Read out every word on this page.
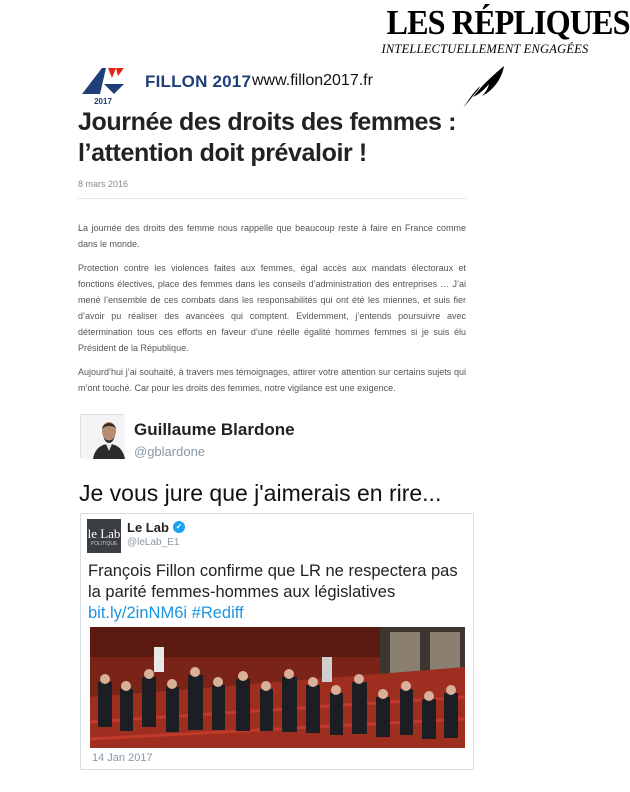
LES RÉPLIQUES
INTELLECTUELLEMENT ENGAGÉES
2017
FILLON 2017 www.fillon2017.fr
Journée des droits des femmes : l’attention doit prévaloir !
8 mars 2016

La journée des droits des femme nous rappelle que beaucoup reste à faire en France comme dans le monde.

Protection contre les violences faites aux femmes, égal accès aux mandats électoraux et fonctions électives, place des femmes dans les conseils d’administration des entreprises … J’ai mené l’ensemble de ces combats dans les responsabilités qui ont été les miennes, et suis fier d’avoir pu réaliser des avancées qui comptent. Evidemment, j’entends poursuivre avec détermination tous ces efforts en faveur d’une réelle égalité hommes femmes si je suis élu Président de la République.

Aujourd’hui j’ai souhaité, à travers mes témoignages, attirer votre attention sur certains sujets qui m’ont touché. Car pour les droits des femmes, notre vigilance est une exigence.

Guillaume Blardone
@gblardone
Je vous jure que j'aimerais en rire...
le Lab
POLITIQUE
Le Lab ✓
@leLab_E1
François Fillon confirme que LR ne respectera pas la parité femmes-hommes aux législatives bit.ly/2inNM6i #Rediff
14 Jan 2017
